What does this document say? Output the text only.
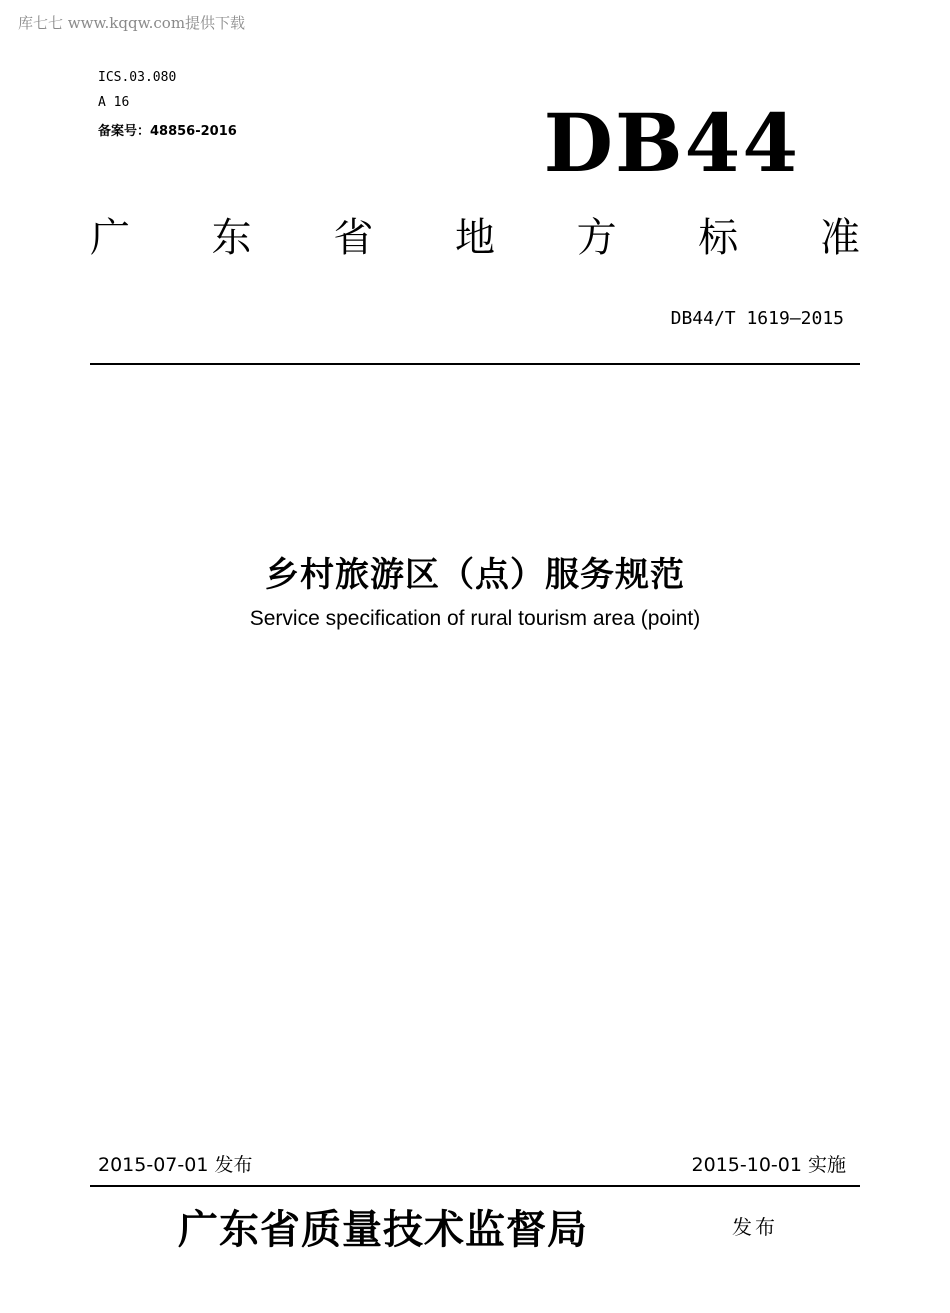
库七七 www.kqqw.com提供下载
ICS.03.080
A 16
备案号：48856-2016	DB44
广 东 省 地 方 标 准
DB44/T 1619—2015
乡村旅游区（点）服务规范
Service specification of rural tourism area (point)
2015-07-01 发布	2015-10-01 实施
广东省质量技术监督局	发布
